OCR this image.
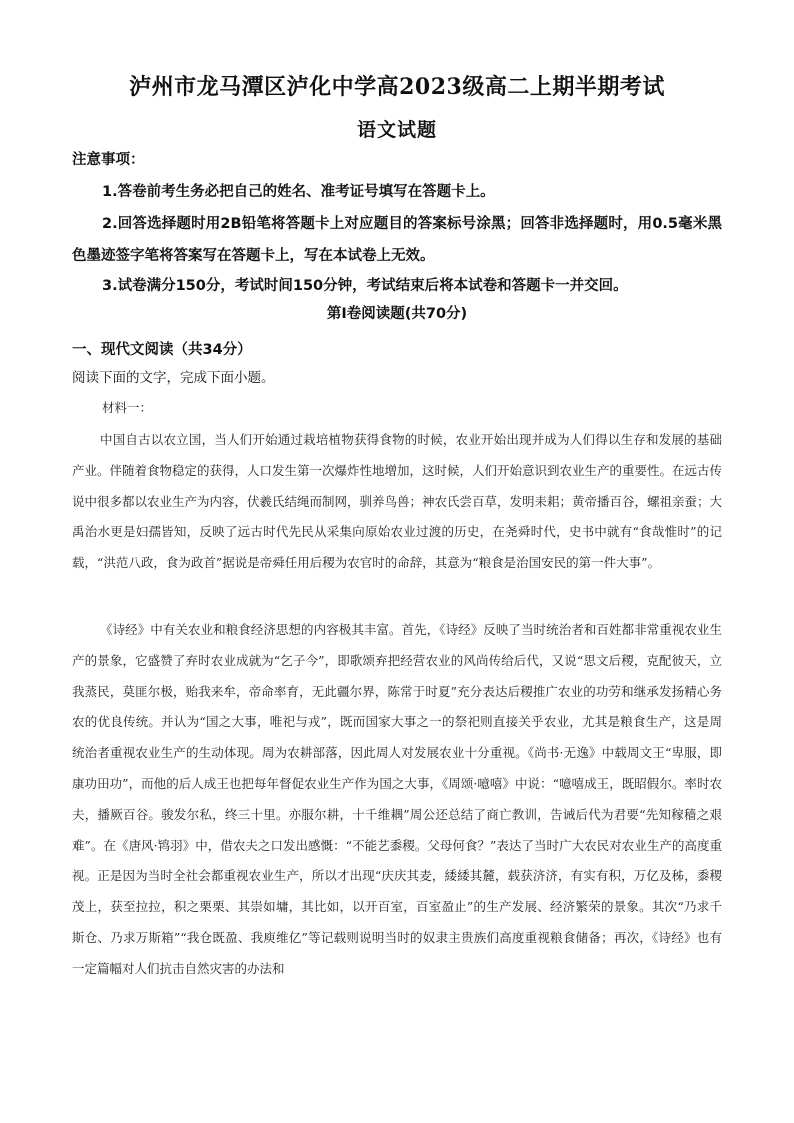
泸州市龙马潭区泸化中学高2023级高二上期半期考试
语文试题
注意事项：
1.答卷前考生务必把自己的姓名、准考证号填写在答题卡上。
2.回答选择题时用2B铅笔将答题卡上对应题目的答案标号涂黑；回答非选择题时，用0.5毫米黑色墨迹签字笔将答案写在答题卡上，写在本试卷上无效。
3.试卷满分150分，考试时间150分钟，考试结束后将本试卷和答题卡一并交回。
第Ⅰ卷阅读题(共70分)
一、现代文阅读（共34分）
阅读下面的文字，完成下面小题。
材料一：

中国自古以农立国，当人们开始通过栽培植物获得食物的时候，农业开始出现并成为人们得以生存和发展的基础产业。伴随着食物稳定的获得，人口发生第一次爆炸性地增加，这时候，人们开始意识到农业生产的重要性。在远古传说中很多都以农业生产为内容，伏羲氏结绳而制网，驯养鸟兽；神农氏尝百草，发明耒耜；黄帝播百谷，螺祖亲蚕；大禹治水更是妇孺皆知，反映了远古时代先民从采集向原始农业过渡的历史，在尧舜时代，史书中就有“食哉惟时”的记载，“洪范八政，食为政首”据说是帝舜任用后稷为农官时的命辞，其意为“粮食是治国安民的第一件大事”。

《诗经》中有关农业和粮食经济思想的内容极其丰富。首先，《诗经》反映了当时统治者和百姓都非常重视农业生产的景象，它盛赞了弃时农业成就为“乞子今”，即歌颂弃把经营农业的风尚传给后代，又说“思文后稷，克配彼天，立我蒸民，莫匪尔极，贻我来牟，帝命率育，无此疆尔界，陈常于时夏”充分表达后稷推广农业的功劳和继承发扬精心务农的优良传统。并认为“国之大事，唯祀与戎”，既而国家大事之一的祭祀则直接关乎农业，尤其是粮食生产，这是周统治者重视农业生产的生动体现。周为农耕部落，因此周人对发展农业十分重视。《尚书·无逸》中载周文王“卑服，即康功田功”，而他的后人成王也把每年督促农业生产作为国之大事，《周颂·噫嘻》中说：“噫嘻成王，既昭假尔。率时农夫，播厥百谷。骏发尔私，终三十里。亦服尔耕，十千维耦”周公还总结了商亡教训，告诫后代为君要“先知稼穑之艰难”。在《唐风·鸨羽》中，借农夫之口发出感慨：“不能艺黍稷。父母何食？”表达了当时广大农民对农业生产的高度重视。正是因为当时全社会都重视农业生产，所以才出现“庆庆其麦，緌緌其麓，载获济济，有实有积，万亿及秭，黍稷茂上，获至拉拉，积之栗栗、其崇如墉，其比如，以开百室，百室盈止”的生产发展、经济繁荣的景象。其次“乃求千斯仓、乃求万斯箱”“我仓既盈、我庾维亿”等记载则说明当时的奴隶主贵族们高度重视粮食储备；再次，《诗经》也有一定篇幅对人们抗击自然灾害的办法和
